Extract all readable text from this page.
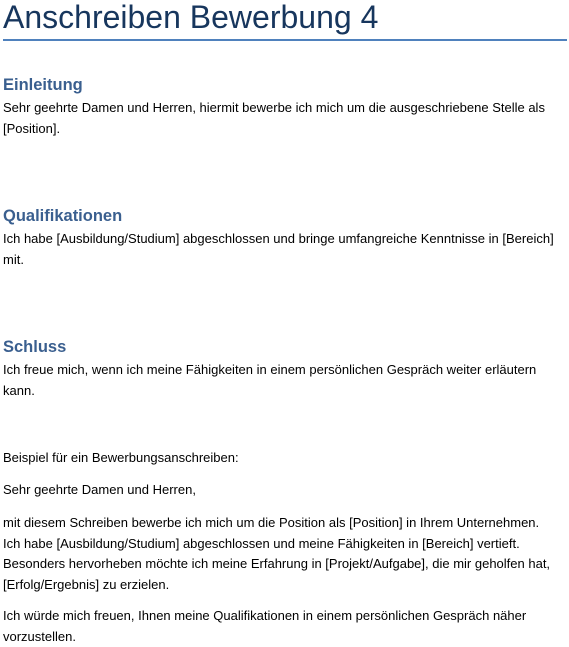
Anschreiben Bewerbung 4
Einleitung

Sehr geehrte Damen und Herren, hiermit bewerbe ich mich um die ausgeschriebene Stelle als
[Position].

Qualifikationen

Ich habe [Ausbildung/Studium] abgeschlossen und bringe umfangreiche Kenntnisse in [Bereich]
mit.

Schluss

Ich freue mich, wenn ich meine Fähigkeiten in einem persönlichen Gespräch weiter erläutern
kann.

Beispiel für ein Bewerbungsanschreiben:

Sehr geehrte Damen und Herren,

mit diesem Schreiben bewerbe ich mich um die Position als [Position] in Ihrem Unternehmen.
Ich habe [Ausbildung/Studium] abgeschlossen und meine Fähigkeiten in [Bereich] vertieft.
Besonders hervorheben möchte ich meine Erfahrung in [Projekt/Aufgabe], die mir geholfen hat,
[Erfolg/Ergebnis] zu erzielen.

Ich würde mich freuen, Ihnen meine Qualifikationen in einem persönlichen Gespräch näher
vorzustellen.
